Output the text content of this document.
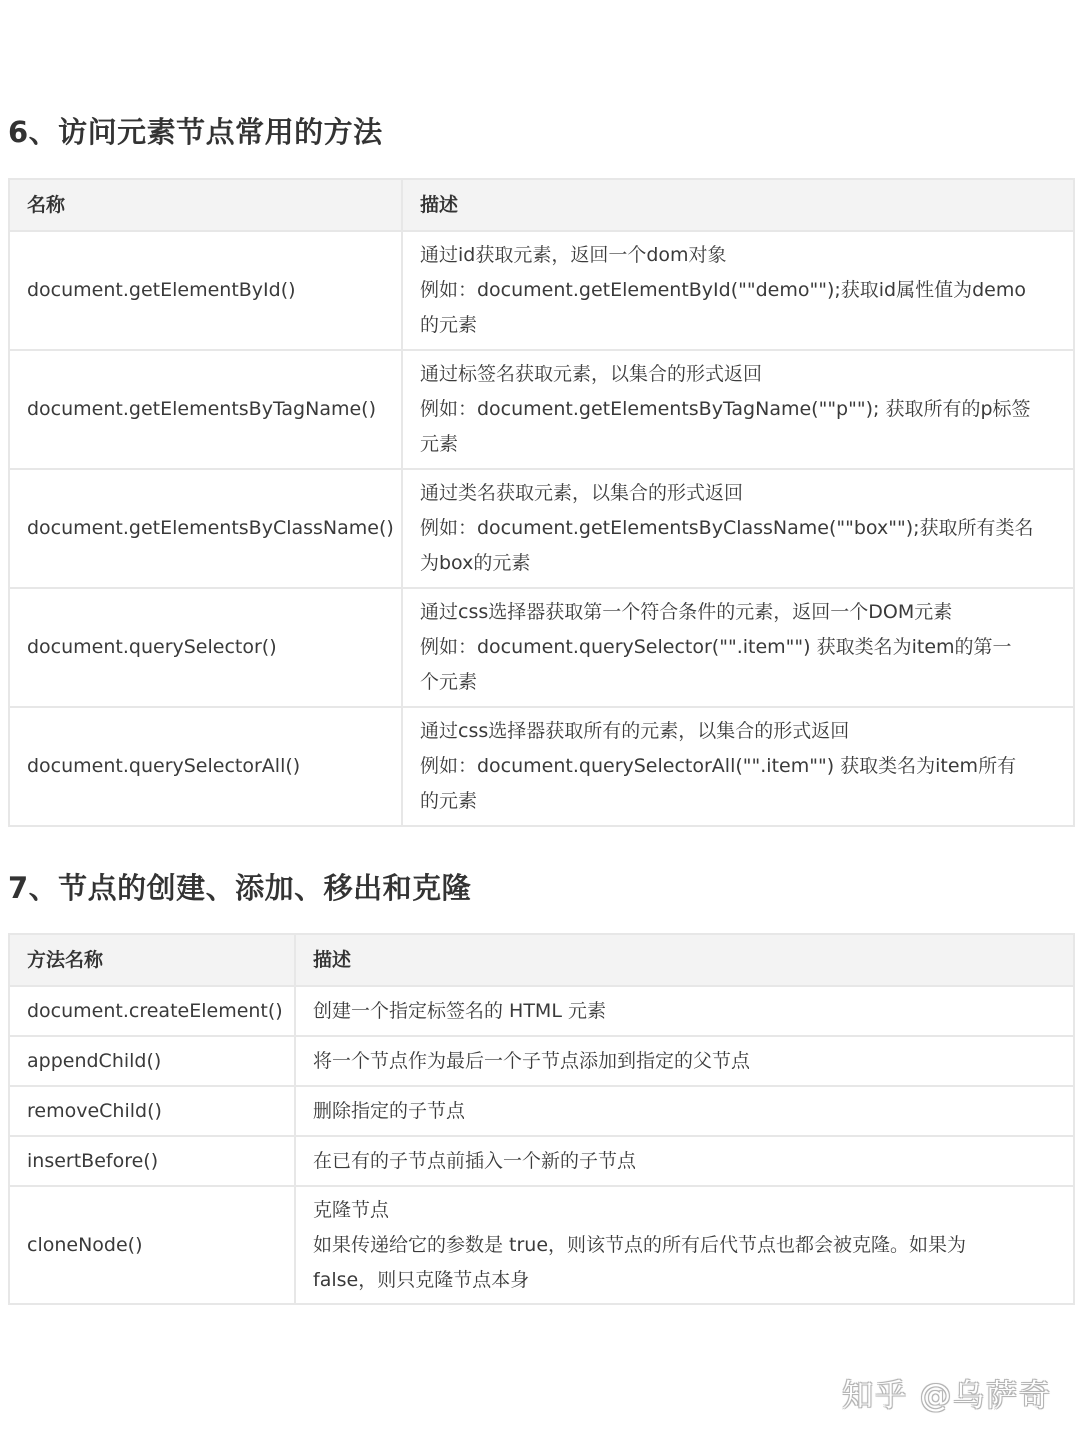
6、访问元素节点常用的方法
名称	描述
document.getElementById()	通过id获取元素，返回一个dom对象
例如：document.getElementById(""demo"");获取id属性值为demo
的元素

document.getElementsByTagName()	通过标签名获取元素，以集合的形式返回
例如：document.getElementsByTagName(""p""); 获取所有的p标签
元素

document.getElementsByClassName()	通过类名获取元素，以集合的形式返回
例如：document.getElementsByClassName(""box"");获取所有类名
为box的元素

document.querySelector()	通过css选择器获取第一个符合条件的元素，返回一个DOM元素
例如：document.querySelector("".item"") 获取类名为item的第一
个元素

document.querySelectorAll()	通过css选择器获取所有的元素，以集合的形式返回
例如：document.querySelectorAll("".item"") 获取类名为item所有
的元素
7、节点的创建、添加、移出和克隆
方法名称	描述
document.createElement()	创建一个指定标签名的 HTML 元素
appendChild()	将一个节点作为最后一个子节点添加到指定的父节点
removeChild()	删除指定的子节点
insertBefore()	在已有的子节点前插入一个新的子节点
cloneNode()	克隆节点
如果传递给它的参数是 true，则该节点的所有后代节点也都会被克隆。如果为
false，则只克隆节点本身
知乎 @乌萨奇
